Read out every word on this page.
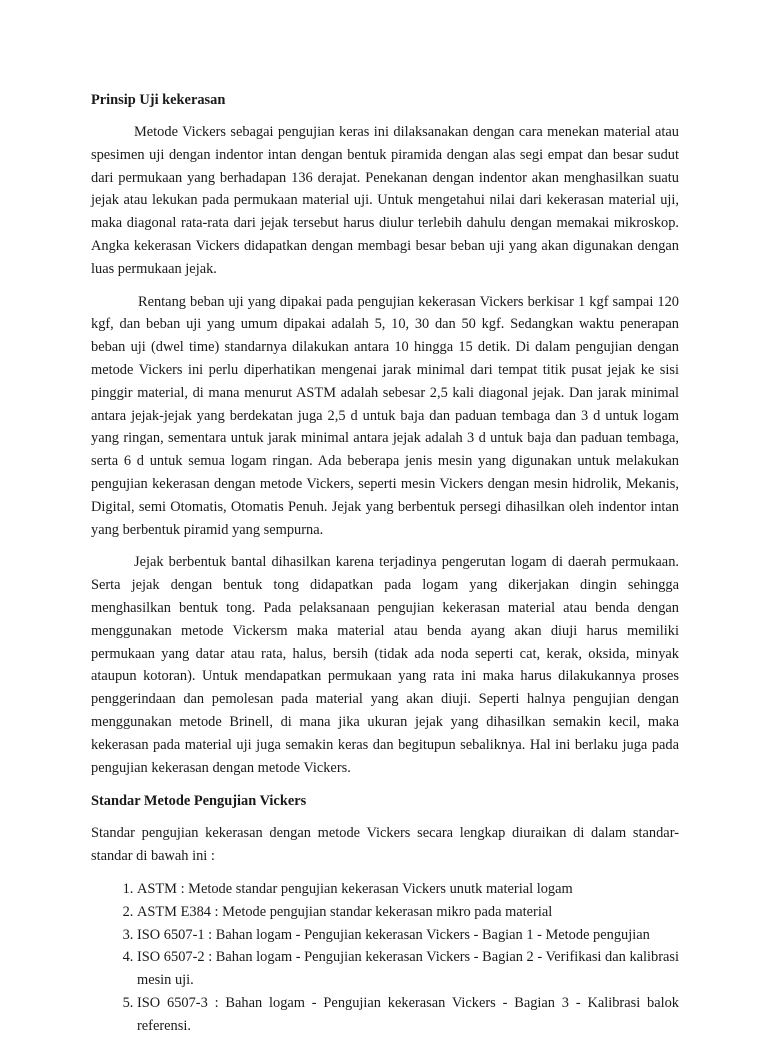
Prinsip Uji kekerasan

Metode Vickers sebagai pengujian keras ini dilaksanakan dengan cara menekan material atau spesimen uji dengan indentor intan dengan bentuk piramida dengan alas segi empat dan besar sudut dari permukaan yang berhadapan 136 derajat. Penekanan dengan indentor akan menghasilkan suatu jejak atau lekukan pada permukaan material uji. Untuk mengetahui nilai dari kekerasan material uji, maka diagonal rata-rata dari jejak tersebut harus diulur terlebih dahulu dengan memakai mikroskop. Angka kekerasan Vickers didapatkan dengan membagi besar beban uji yang akan digunakan dengan luas permukaan jejak.

Rentang beban uji yang dipakai pada pengujian kekerasan Vickers berkisar 1 kgf sampai 120 kgf, dan beban uji yang umum dipakai adalah 5, 10, 30 dan 50 kgf. Sedangkan waktu penerapan beban uji (dwel time) standarnya dilakukan antara 10 hingga 15 detik. Di dalam pengujian dengan metode Vickers ini perlu diperhatikan mengenai jarak minimal dari tempat titik pusat jejak ke sisi pinggir material, di mana menurut ASTM adalah sebesar 2,5 kali diagonal jejak. Dan jarak minimal antara jejak-jejak yang berdekatan juga 2,5 d untuk baja dan paduan tembaga dan 3 d untuk logam yang ringan, sementara untuk jarak minimal antara jejak adalah 3 d untuk baja dan paduan tembaga, serta 6 d untuk semua logam ringan. Ada beberapa jenis mesin yang digunakan untuk melakukan pengujian kekerasan dengan metode Vickers, seperti mesin Vickers dengan mesin hidrolik, Mekanis, Digital, semi Otomatis, Otomatis Penuh. Jejak yang berbentuk persegi dihasilkan oleh indentor intan yang berbentuk piramid yang sempurna.

Jejak berbentuk bantal dihasilkan karena terjadinya pengerutan logam di daerah permukaan. Serta jejak dengan bentuk tong didapatkan pada logam yang dikerjakan dingin sehingga menghasilkan bentuk tong. Pada pelaksanaan pengujian kekerasan material atau benda dengan menggunakan metode Vickersm maka material atau benda ayang akan diuji harus memiliki permukaan yang datar atau rata, halus, bersih (tidak ada noda seperti cat, kerak, oksida, minyak ataupun kotoran). Untuk mendapatkan permukaan yang rata ini maka harus dilakukannya proses penggerindaan dan pemolesan pada material yang akan diuji. Seperti halnya pengujian dengan menggunakan metode Brinell, di mana jika ukuran jejak yang dihasilkan semakin kecil, maka kekerasan pada material uji juga semakin keras dan begitupun sebaliknya. Hal ini berlaku juga pada pengujian kekerasan dengan metode Vickers.

Standar Metode Pengujian Vickers

Standar pengujian kekerasan dengan metode Vickers secara lengkap diuraikan di dalam standar-standar di bawah ini :

1. ASTM : Metode standar pengujian kekerasan Vickers unutk material logam
2. ASTM E384 : Metode pengujian standar kekerasan mikro pada material
3. ISO 6507-1 : Bahan logam - Pengujian kekerasan Vickers - Bagian 1 - Metode pengujian
4. ISO 6507-2 : Bahan logam - Pengujian kekerasan Vickers - Bagian 2 - Verifikasi dan kalibrasi mesin uji.
5. ISO 6507-3 : Bahan logam - Pengujian kekerasan Vickers - Bagian 3 - Kalibrasi balok referensi.
